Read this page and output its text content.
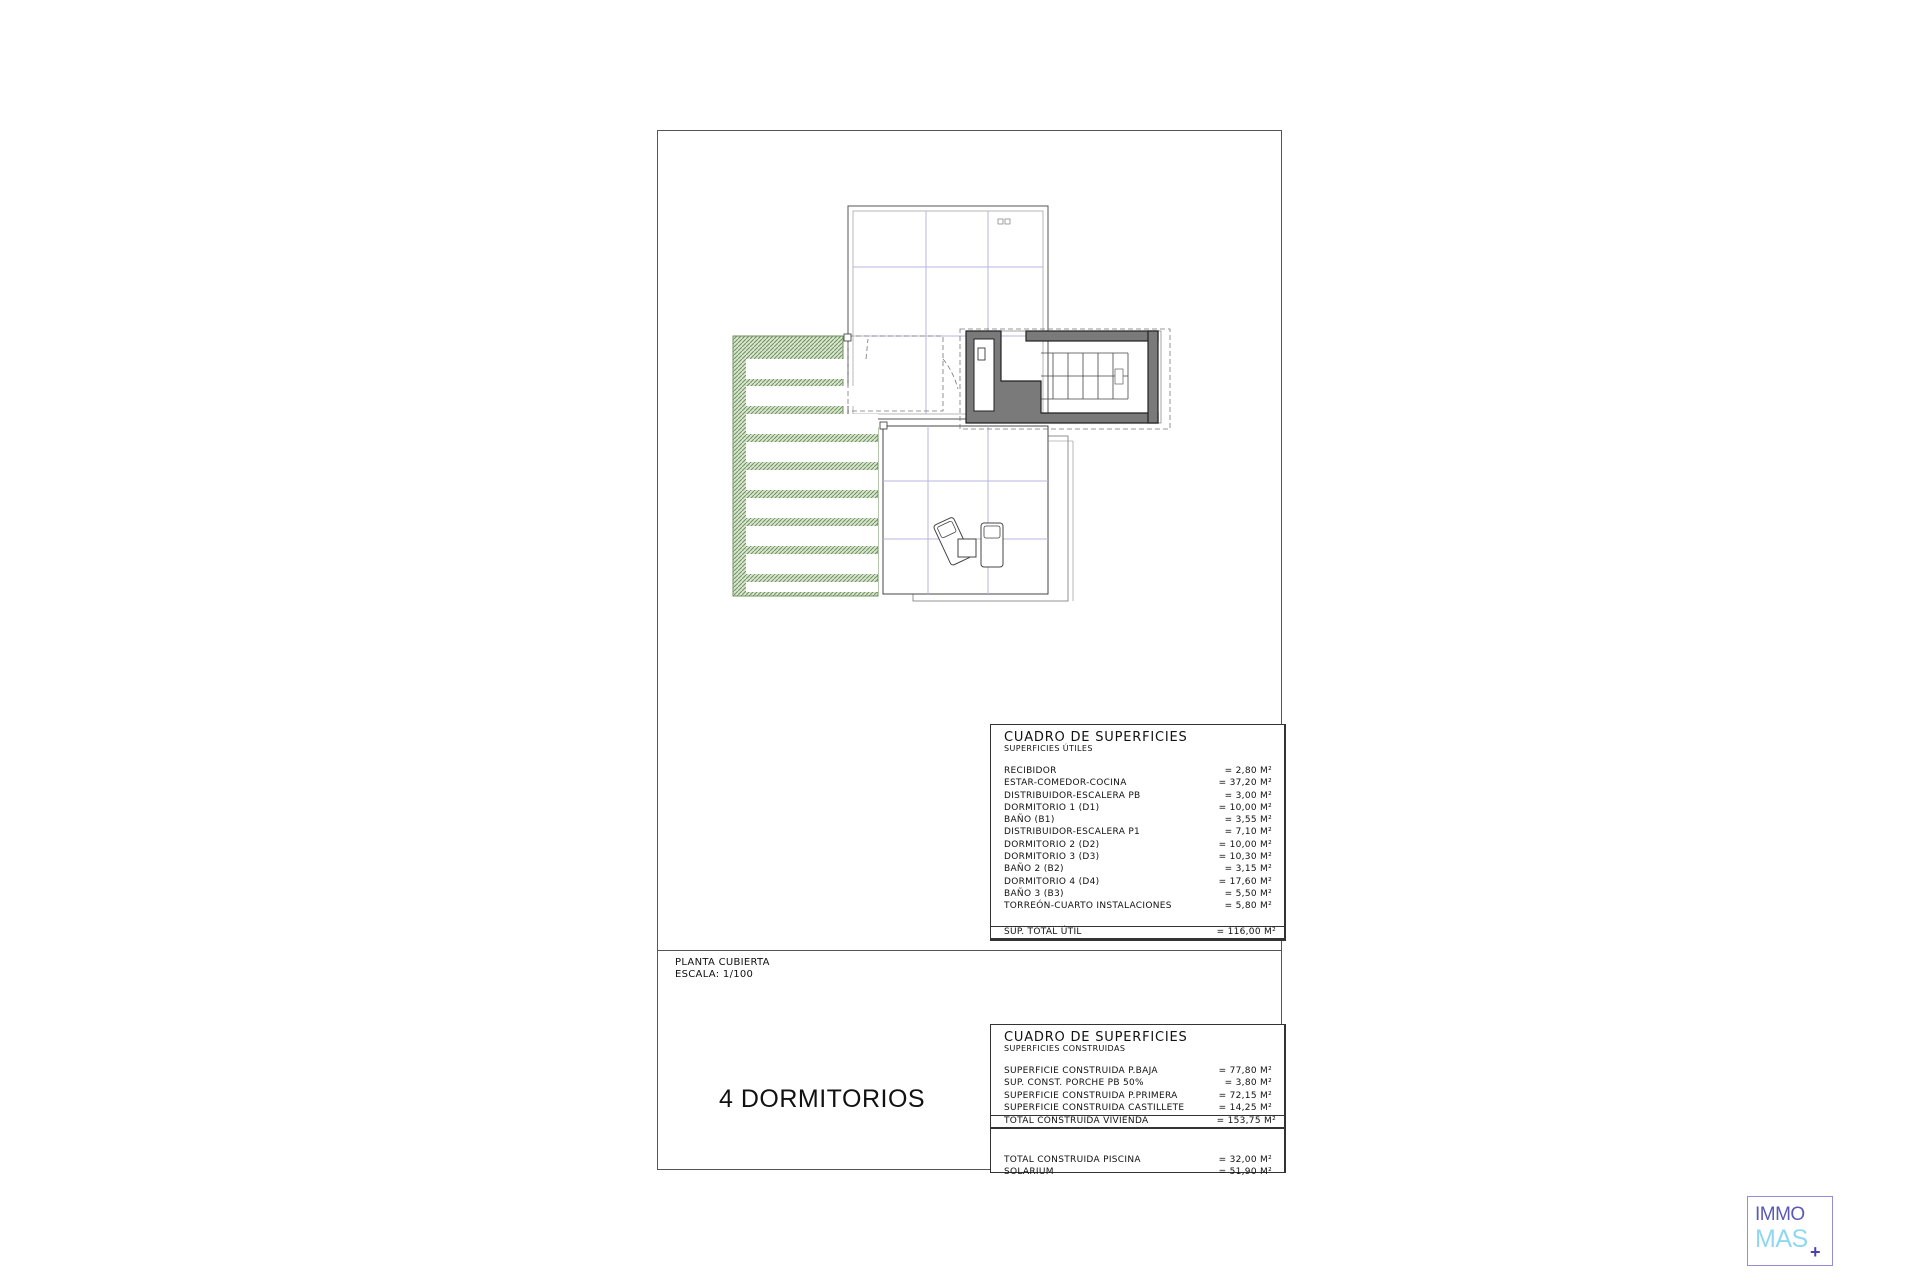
CUADRO DE SUPERFICIES
SUPERFICIES ÚTILES
RECIBIDOR	= 2,80 M²
ESTAR-COMEDOR-COCINA	= 37,20 M²
DISTRIBUIDOR-ESCALERA PB	= 3,00 M²
DORMITORIO 1 (D1)	= 10,00 M²
BAÑO (B1)	= 3,55 M²
DISTRIBUIDOR-ESCALERA P1	= 7,10 M²
DORMITORIO 2 (D2)	= 10,00 M²
DORMITORIO 3 (D3)	= 10,30 M²
BAÑO 2 (B2)	= 3,15 M²
DORMITORIO 4 (D4)	= 17,60 M²
BAÑO 3 (B3)	= 5,50 M²
TORREÓN-CUARTO INSTALACIONES	= 5,80 M²
SUP. TOTAL ÚTIL	= 116,00 M²
PLANTA CUBIERTA
ESCALA: 1/100
4 DORMITORIOS
CUADRO DE SUPERFICIES
SUPERFICIES CONSTRUIDAS
SUPERFICIE CONSTRUIDA P.BAJA	= 77,80 M²
SUP. CONST. PORCHE PB 50%	= 3,80 M²
SUPERFICIE CONSTRUIDA P.PRIMERA	= 72,15 M²
SUPERFICIE CONSTRUIDA CASTILLETE	= 14,25 M²
TOTAL CONSTRUIDA VIVIENDA	= 153,75 M²
TOTAL CONSTRUIDA PISCINA	= 32,00 M²
SOLARIUM	= 51,90 M²
IMMO
MAS +
